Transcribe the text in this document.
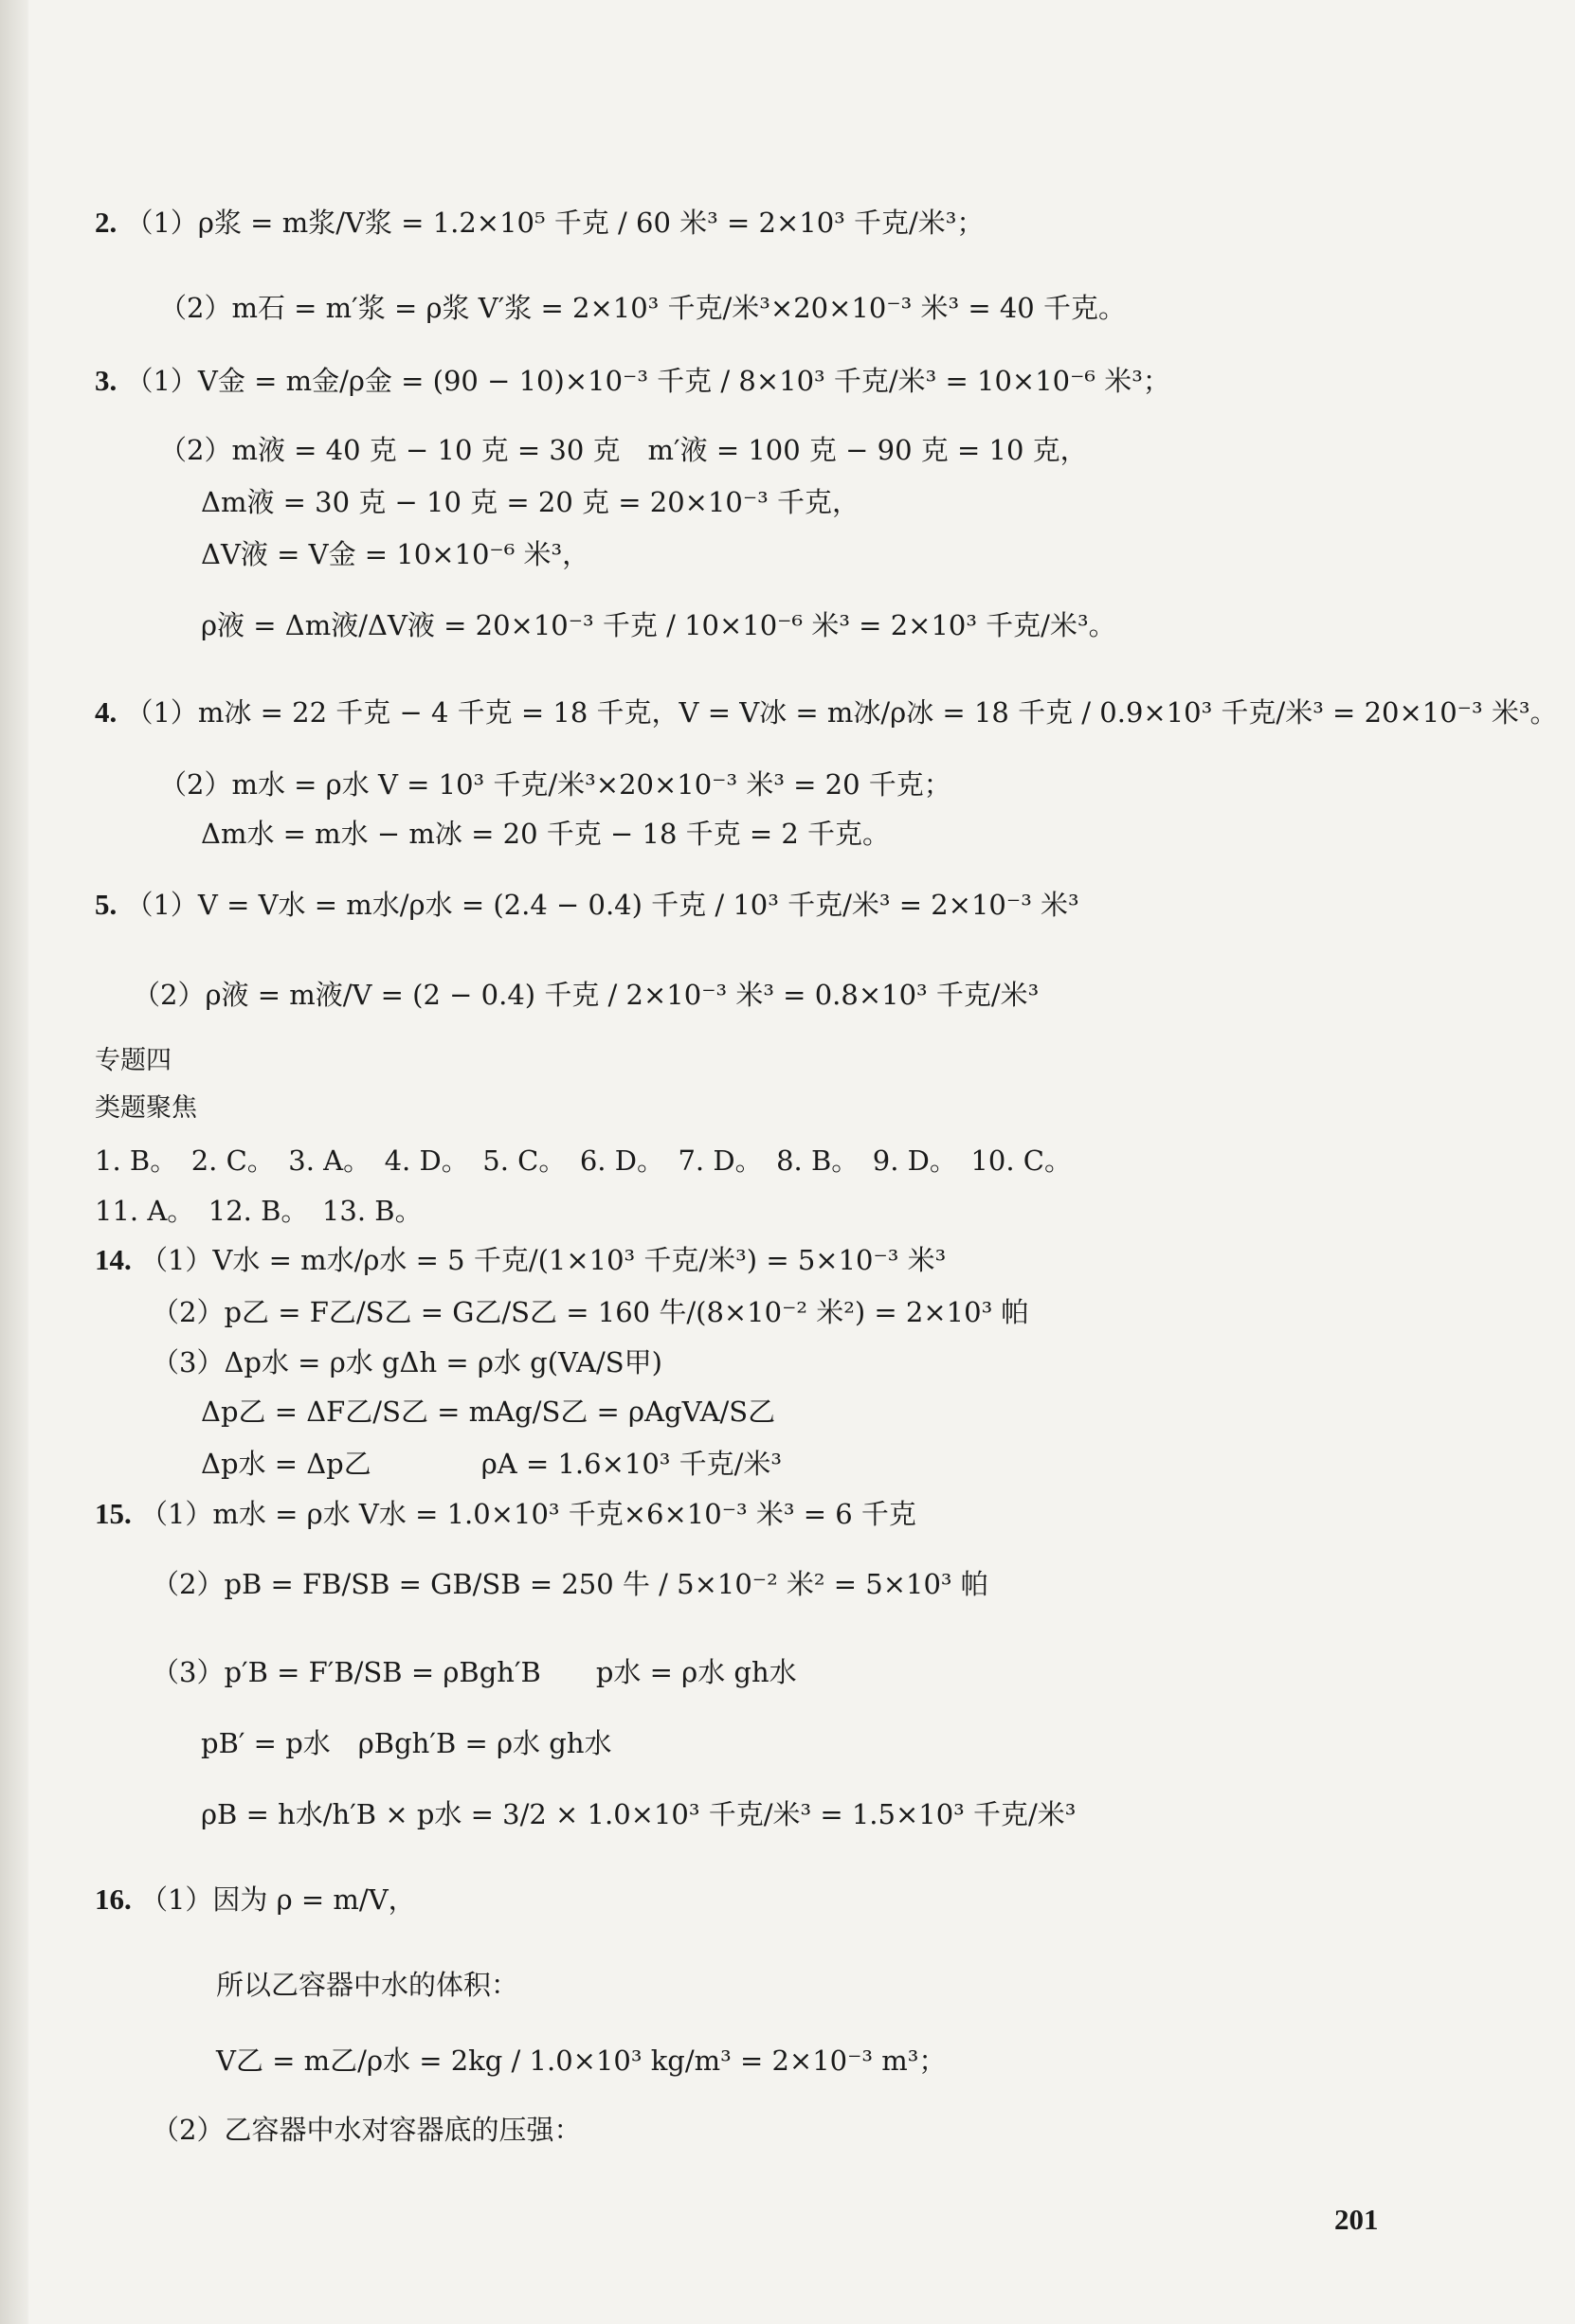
2. （1）ρ浆 = m浆/V浆 = 1.2×10⁵ 千克 / 60 米³ = 2×10³ 千克/米³；
（2）m石 = m′浆 = ρ浆 V′浆 = 2×10³ 千克/米³×20×10⁻³ 米³ = 40 千克。
3. （1）V金 = m金/ρ金 = (90 − 10)×10⁻³ 千克 / 8×10³ 千克/米³ = 10×10⁻⁶ 米³；
（2）m液 = 40 克 − 10 克 = 30 克　m′液 = 100 克 − 90 克 = 10 克，
Δm液 = 30 克 − 10 克 = 20 克 = 20×10⁻³ 千克，
ΔV液 = V金 = 10×10⁻⁶ 米³，
ρ液 = Δm液/ΔV液 = 20×10⁻³ 千克 / 10×10⁻⁶ 米³ = 2×10³ 千克/米³。
4. （1）m冰 = 22 千克 − 4 千克 = 18 千克，V = V冰 = m冰/ρ冰 = 18 千克 / 0.9×10³ 千克/米³ = 20×10⁻³ 米³。
（2）m水 = ρ水 V = 10³ 千克/米³×20×10⁻³ 米³ = 20 千克；
Δm水 = m水 − m冰 = 20 千克 − 18 千克 = 2 千克。
5. （1）V = V水 = m水/ρ水 = (2.4 − 0.4) 千克 / 10³ 千克/米³ = 2×10⁻³ 米³
（2）ρ液 = m液/V = (2 − 0.4) 千克 / 2×10⁻³ 米³ = 0.8×10³ 千克/米³
专题四
类题聚焦
1. B。　2. C。　3. A。　4. D。　5. C。　6. D。　7. D。　8. B。　9. D。　10. C。
11. A。　12. B。　13. B。
14. （1）V水 = m水/ρ水 = 5 千克/(1×10³ 千克/米³) = 5×10⁻³ 米³
（2）p乙 = F乙/S乙 = G乙/S乙 = 160 牛/(8×10⁻² 米²) = 2×10³ 帕
（3）Δp水 = ρ水 gΔh = ρ水 g(VA/S甲)
Δp乙 = ΔF乙/S乙 = mAg/S乙 = ρAgVA/S乙
Δp水 = Δp乙　　　　ρA = 1.6×10³ 千克/米³
15. （1）m水 = ρ水 V水 = 1.0×10³ 千克×6×10⁻³ 米³ = 6 千克
（2）pB = FB/SB = GB/SB = 250 牛 / 5×10⁻² 米² = 5×10³ 帕
（3）p′B = F′B/SB = ρBgh′B　　p水 = ρ水 gh水
pB′ = p水　ρBgh′B = ρ水 gh水
ρB = h水/h′B × p水 = 3/2 × 1.0×10³ 千克/米³ = 1.5×10³ 千克/米³
16. （1）因为 ρ = m/V，
所以乙容器中水的体积：
V乙 = m乙/ρ水 = 2kg / 1.0×10³ kg/m³ = 2×10⁻³ m³；
（2）乙容器中水对容器底的压强：
201
